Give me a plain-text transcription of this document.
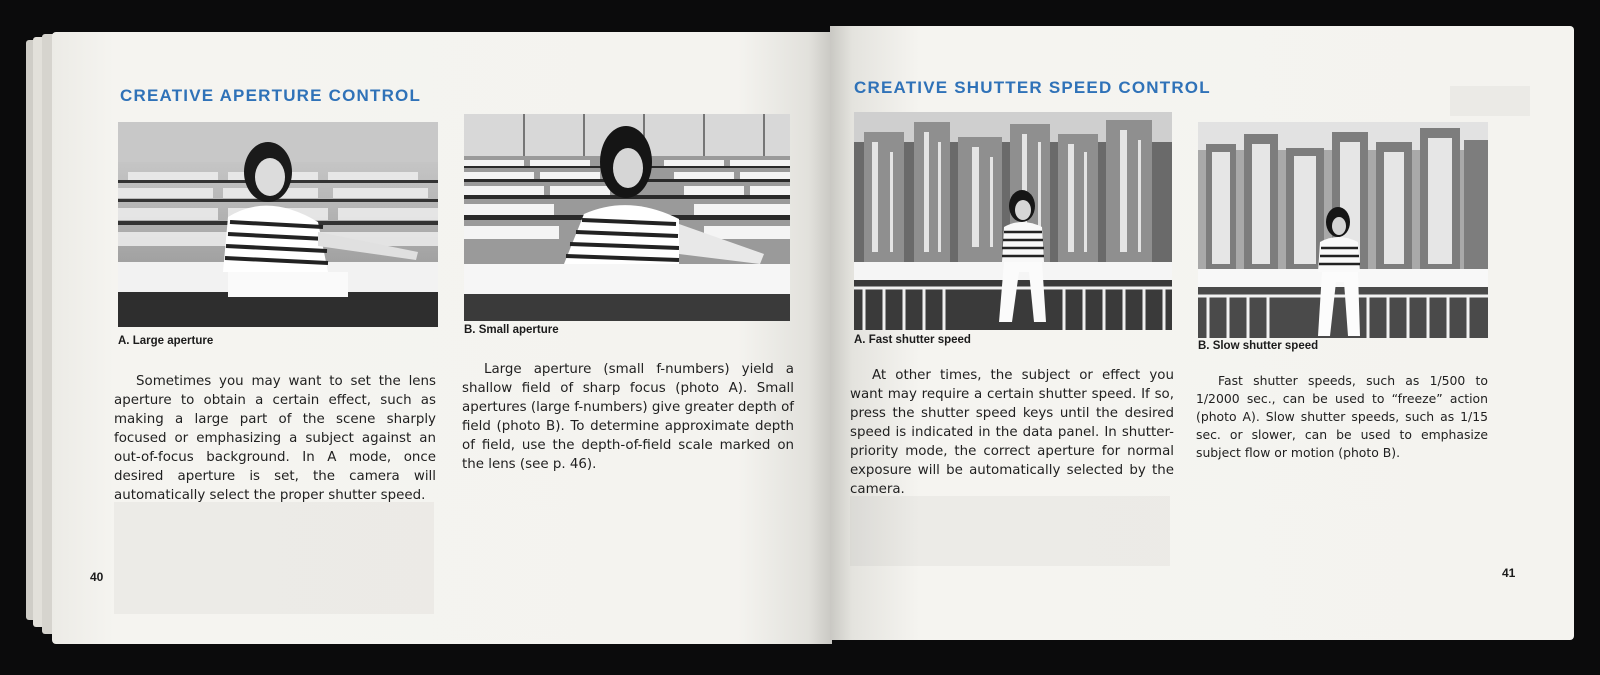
CREATIVE APERTURE CONTROL
A. Large aperture
B. Small aperture
Sometimes you may want to set the lens aperture to obtain a certain effect, such as making a large part of the scene sharply focused or emphasizing a subject against an out-of-focus background. In A mode, once desired aperture is set, the camera will automatically select the proper shutter speed.
Large aperture (small f-numbers) yield a shallow field of sharp focus (photo A). Small apertures (large f-numbers) give greater depth of field (photo B). To determine approximate depth of field, use the depth-of-field scale marked on the lens (see p. 46).
40
CREATIVE SHUTTER SPEED CONTROL
A. Fast shutter speed	B. Slow shutter speed
At other times, the subject or effect you want may require a certain shutter speed. If so, press the shutter speed keys until the desired speed is indicated in the data panel. In shutter-priority mode, the correct aperture for normal exposure will be automatically selected by the camera.
Fast shutter speeds, such as 1/500 to 1/2000 sec., can be used to “freeze” action (photo A). Slow shutter speeds, such as 1/15 sec. or slower, can be used to emphasize subject flow or motion (photo B).
41
